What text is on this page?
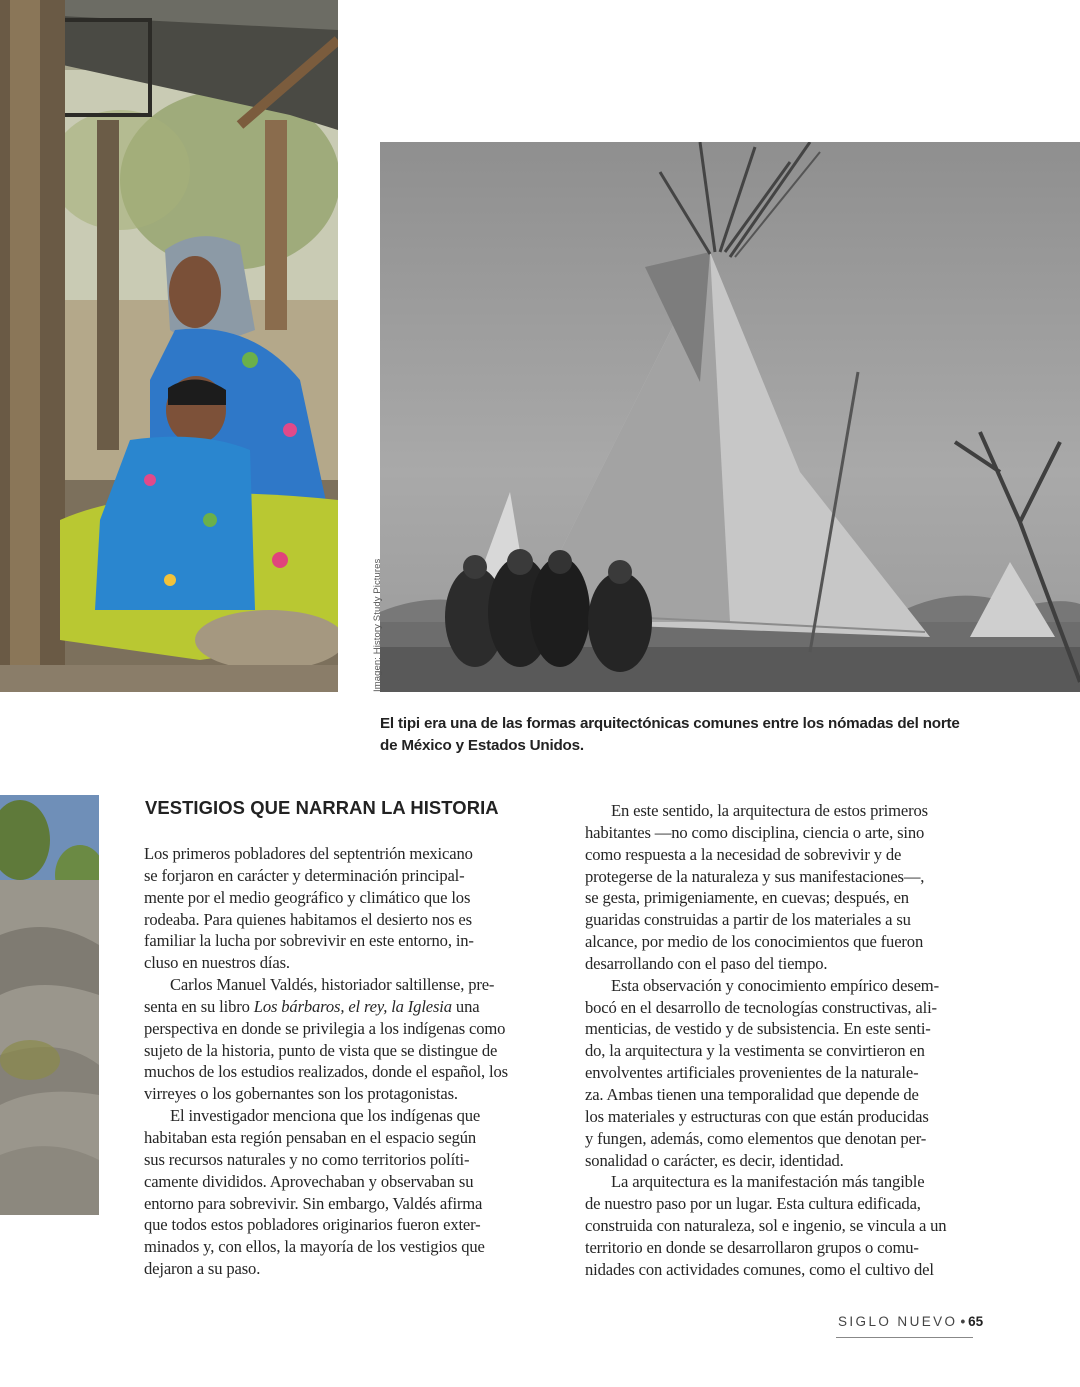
Imagen: History Study Pictures
El tipi era una de las formas arquitectónicas comunes entre los nómadas del norte
de México y Estados Unidos.
VESTIGIOS QUE NARRAN LA HISTORIA
Los primeros pobladores del septentrión mexicano
se forjaron en carácter y determinación principal-
mente por el medio geográfico y climático que los
rodeaba. Para quienes habitamos el desierto nos es
familiar la lucha por sobrevivir en este entorno, in-
cluso en nuestros días.
Carlos Manuel Valdés, historiador saltillense, pre-
senta en su libro Los bárbaros, el rey, la Iglesia una
perspectiva en donde se privilegia a los indígenas como
sujeto de la historia, punto de vista que se distingue de
muchos de los estudios realizados, donde el español, los
virreyes o los gobernantes son los protagonistas.
El investigador menciona que los indígenas que
habitaban esta región pensaban en el espacio según
sus recursos naturales y no como territorios políti-
camente divididos. Aprovechaban y observaban su
entorno para sobrevivir. Sin embargo, Valdés afirma
que todos estos pobladores originarios fueron exter-
minados y, con ellos, la mayoría de los vestigios que
dejaron a su paso.
En este sentido, la arquitectura de estos primeros
habitantes —no como disciplina, ciencia o arte, sino
como respuesta a la necesidad de sobrevivir y de
protegerse de la naturaleza y sus manifestaciones—,
se gesta, primigeniamente, en cuevas; después, en
guaridas construidas a partir de los materiales a su
alcance, por medio de los conocimientos que fueron
desarrollando con el paso del tiempo.
Esta observación y conocimiento empírico desem-
bocó en el desarrollo de tecnologías constructivas, ali-
menticias, de vestido y de subsistencia. En este senti-
do, la arquitectura y la vestimenta se convirtieron en
envolventes artificiales provenientes de la naturale-
za. Ambas tienen una temporalidad que depende de
los materiales y estructuras con que están producidas
y fungen, además, como elementos que denotan per-
sonalidad o carácter, es decir, identidad.
La arquitectura es la manifestación más tangible
de nuestro paso por un lugar. Esta cultura edificada,
construida con naturaleza, sol e ingenio, se vincula a un
territorio en donde se desarrollaron grupos o comu-
nidades con actividades comunes, como el cultivo del
SIGLO NUEVO • 65
